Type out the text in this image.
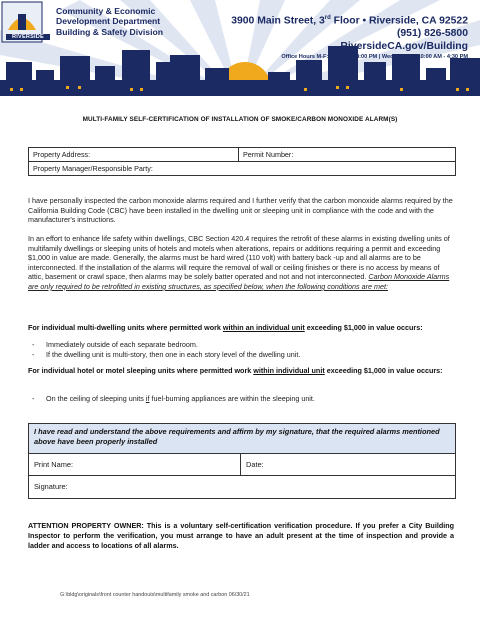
RIVERSIDE
Community & Economic
Development Department
Building & Safety Division
3900 Main Street, 3rd Floor • Riverside, CA 92522
(951) 826-5800
RiversideCA.gov/Building
Office Hours M-F: 9:00 AM - 4:00 PM | Wednesdays 10:00 AM - 4:30 PM
MULTI-FAMILY SELF-CERTIFICATION OF INSTALLATION OF SMOKE/CARBON MONOXIDE ALARM(S)
Property Address:	Permit Number:
Property Manager/Responsible Party:
I have personally inspected the carbon monoxide alarms required and I further verify that the carbon monoxide alarms required by the California Building Code (CBC) have been installed in the dwelling unit or sleeping unit in compliance with the code and with the manufacturer's instructions.
In an effort to enhance life safety within dwellings, CBC Section 420.4 requires the retrofit of these alarms in existing dwelling units of multifamily dwellings or sleeping units of hotels and motels when alterations, repairs or additions requiring a permit and exceeding $1,000 in value are made. Generally, the alarms must be hard wired (110 volt) with battery back -up and all alarms are to be interconnected. If the installation of the alarms will require the removal of wall or ceiling finishes or there is no access by means of attic, basement or crawl space, then alarms may be solely batter operated and not and not interconnected. Carbon Monoxide Alarms are only required to be retrofitted in existing structures, as specified below, when the following conditions are met:
For individual multi-dwelling units where permitted work within an individual unit exceeding $1,000 in value occurs:
- Immediately outside of each separate bedroom.
- If the dwelling unit is multi-story, then one in each story level of the dwelling unit.
For individual hotel or motel sleeping units where permitted work within individual unit exceeding $1,000 in value occurs:
- On the ceiling of sleeping units if fuel-burning appliances are within the sleeping unit.
I have read and understand the above requirements and affirm by my signature, that the required alarms mentioned above have been properly installed
Print Name:	Date:
Signature:
ATTENTION PROPERTY OWNER: This is a voluntary self-certification verification procedure. If you prefer a City Building Inspector to perform the verification, you must arrange to have an adult present at the time of inspection and provide a ladder and access to locations of all alarms.
G:\bldg\originals\front counter handouts\multifamily smoke and carbon 06/30/21
